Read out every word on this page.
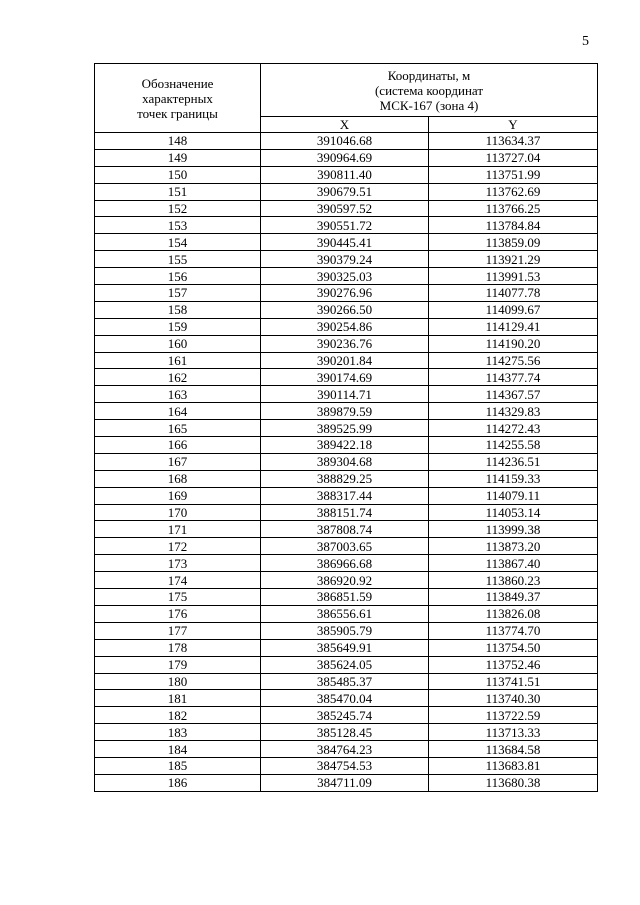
5
Обозначение
характерных
точек границы	Координаты, м
(система координат
МСК-167 (зона 4)	

	X	Y
148	391046.68	113634.37
149	390964.69	113727.04
150	390811.40	113751.99
151	390679.51	113762.69
152	390597.52	113766.25
153	390551.72	113784.84
154	390445.41	113859.09
155	390379.24	113921.29
156	390325.03	113991.53
157	390276.96	114077.78
158	390266.50	114099.67
159	390254.86	114129.41
160	390236.76	114190.20
161	390201.84	114275.56
162	390174.69	114377.74
163	390114.71	114367.57
164	389879.59	114329.83
165	389525.99	114272.43
166	389422.18	114255.58
167	389304.68	114236.51
168	388829.25	114159.33
169	388317.44	114079.11
170	388151.74	114053.14
171	387808.74	113999.38
172	387003.65	113873.20
173	386966.68	113867.40
174	386920.92	113860.23
175	386851.59	113849.37
176	386556.61	113826.08
177	385905.79	113774.70
178	385649.91	113754.50
179	385624.05	113752.46
180	385485.37	113741.51
181	385470.04	113740.30
182	385245.74	113722.59
183	385128.45	113713.33
184	384764.23	113684.58
185	384754.53	113683.81
186	384711.09	113680.38
